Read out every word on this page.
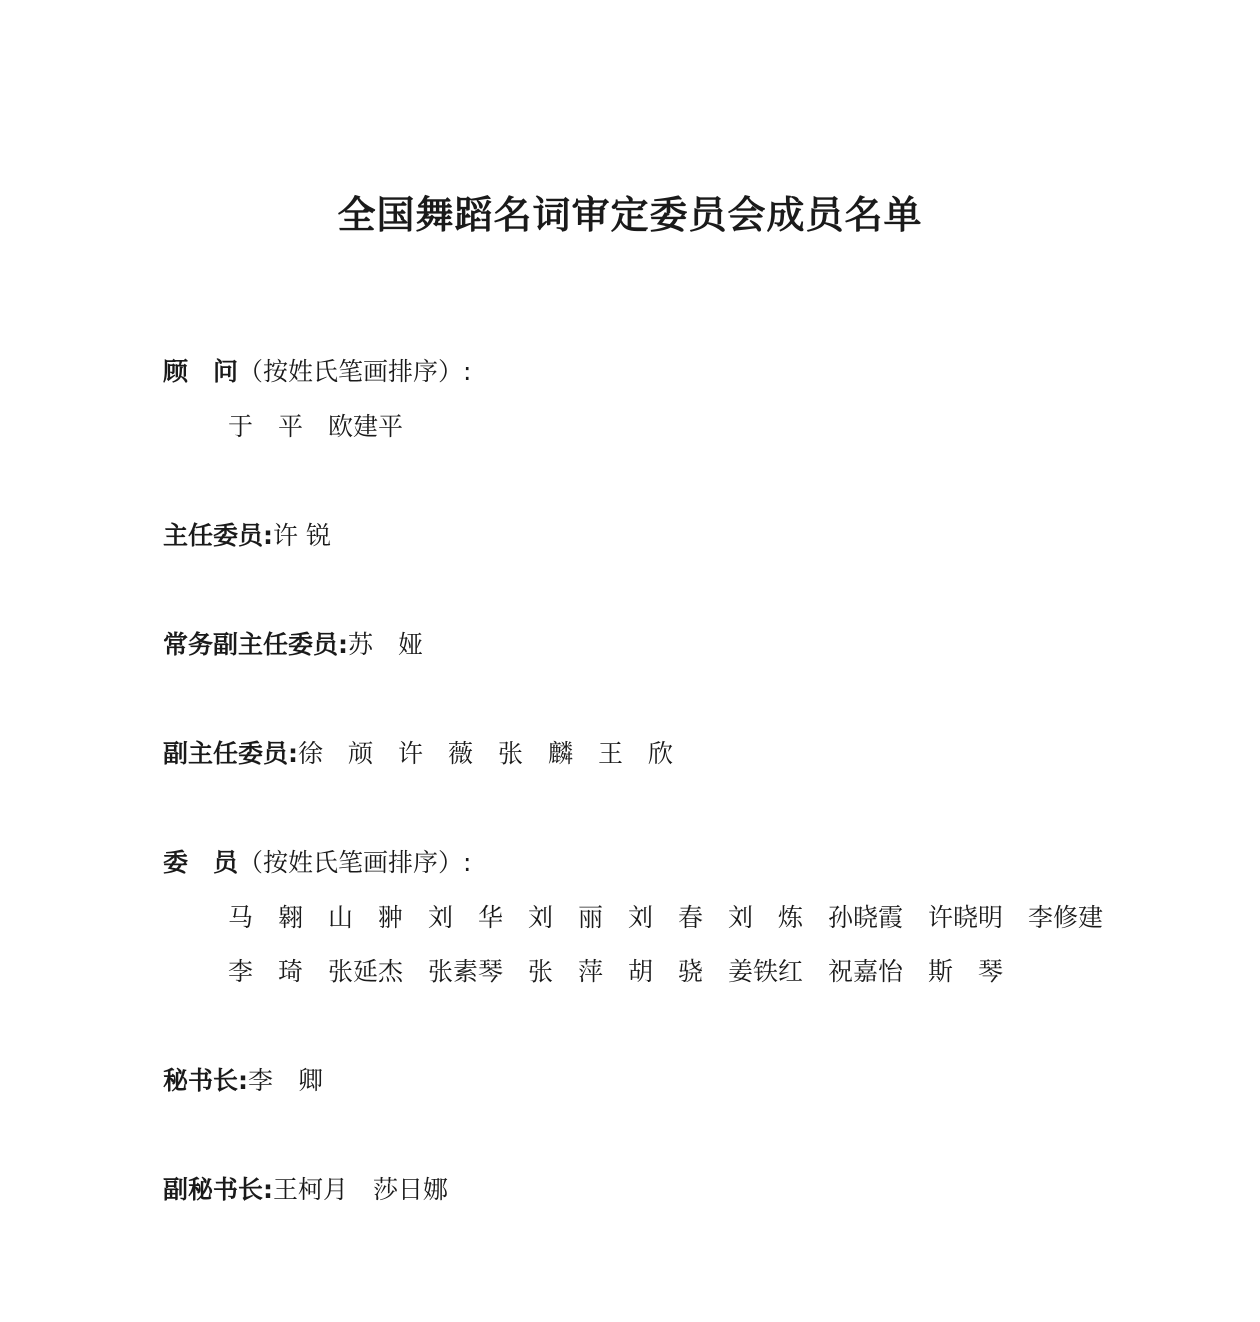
全国舞蹈名词审定委员会成员名单
顾　问（按姓氏笔画排序）:
于　平　欧建平
主任委员:许 锐
常务副主任委员:苏　娅
副主任委员:徐　颃　许　薇　张　麟　王　欣
委　员（按姓氏笔画排序）:
马　翱　山　翀　刘　华　刘　丽　刘　春　刘　炼　孙晓霞　许晓明　李修建
李　琦　张延杰　张素琴　张　萍　胡　骁　姜铁红　祝嘉怡　斯　琴
秘书长:李　卿
副秘书长:王柯月　莎日娜
